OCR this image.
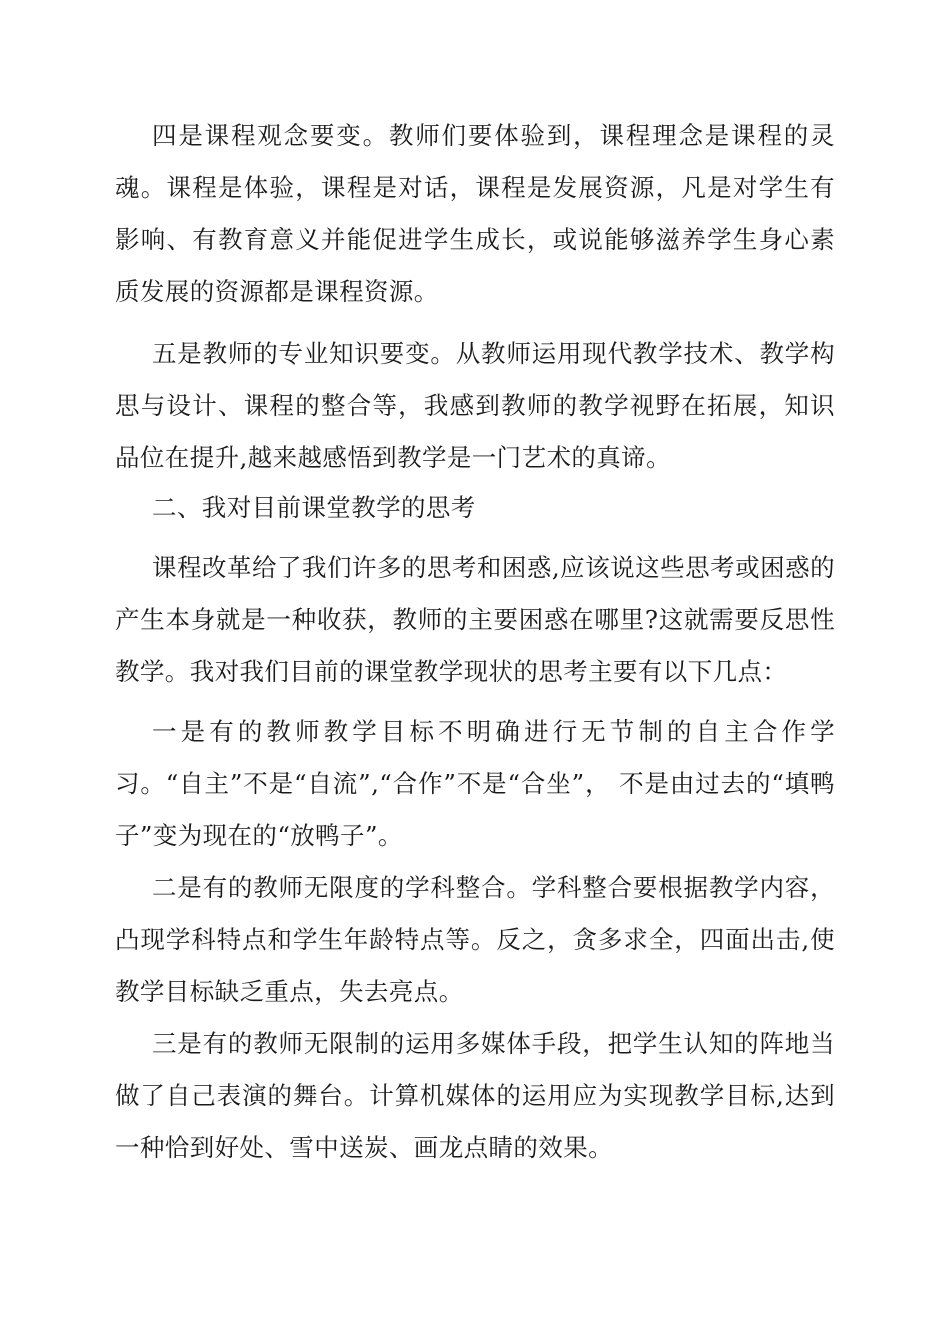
四是课程观念要变。教师们要体验到，课程理念是课程的灵魂。课程是体验，课程是对话，课程是发展资源，凡是对学生有影响、有教育意义并能促进学生成长，或说能够滋养学生身心素质发展的资源都是课程资源。

五是教师的专业知识要变。从教师运用现代教学技术、教学构思与设计、课程的整合等，我感到教师的教学视野在拓展，知识品位在提升,越来越感悟到教学是一门艺术的真谛。

二、我对目前课堂教学的思考

课程改革给了我们许多的思考和困惑,应该说这些思考或困惑的产生本身就是一种收获，教师的主要困惑在哪里?这就需要反思性教学。我对我们目前的课堂教学现状的思考主要有以下几点：

一是有的教师教学目标不明确进行无节制的自主合作学习。“自主”不是“自流”,“合作”不是“合坐”， 不是由过去的“填鸭子”变为现在的“放鸭子”。

二是有的教师无限度的学科整合。学科整合要根据教学内容，凸现学科特点和学生年龄特点等。反之，贪多求全，四面出击,使教学目标缺乏重点，失去亮点。

三是有的教师无限制的运用多媒体手段，把学生认知的阵地当做了自己表演的舞台。计算机媒体的运用应为实现教学目标,达到一种恰到好处、雪中送炭、画龙点睛的效果。
